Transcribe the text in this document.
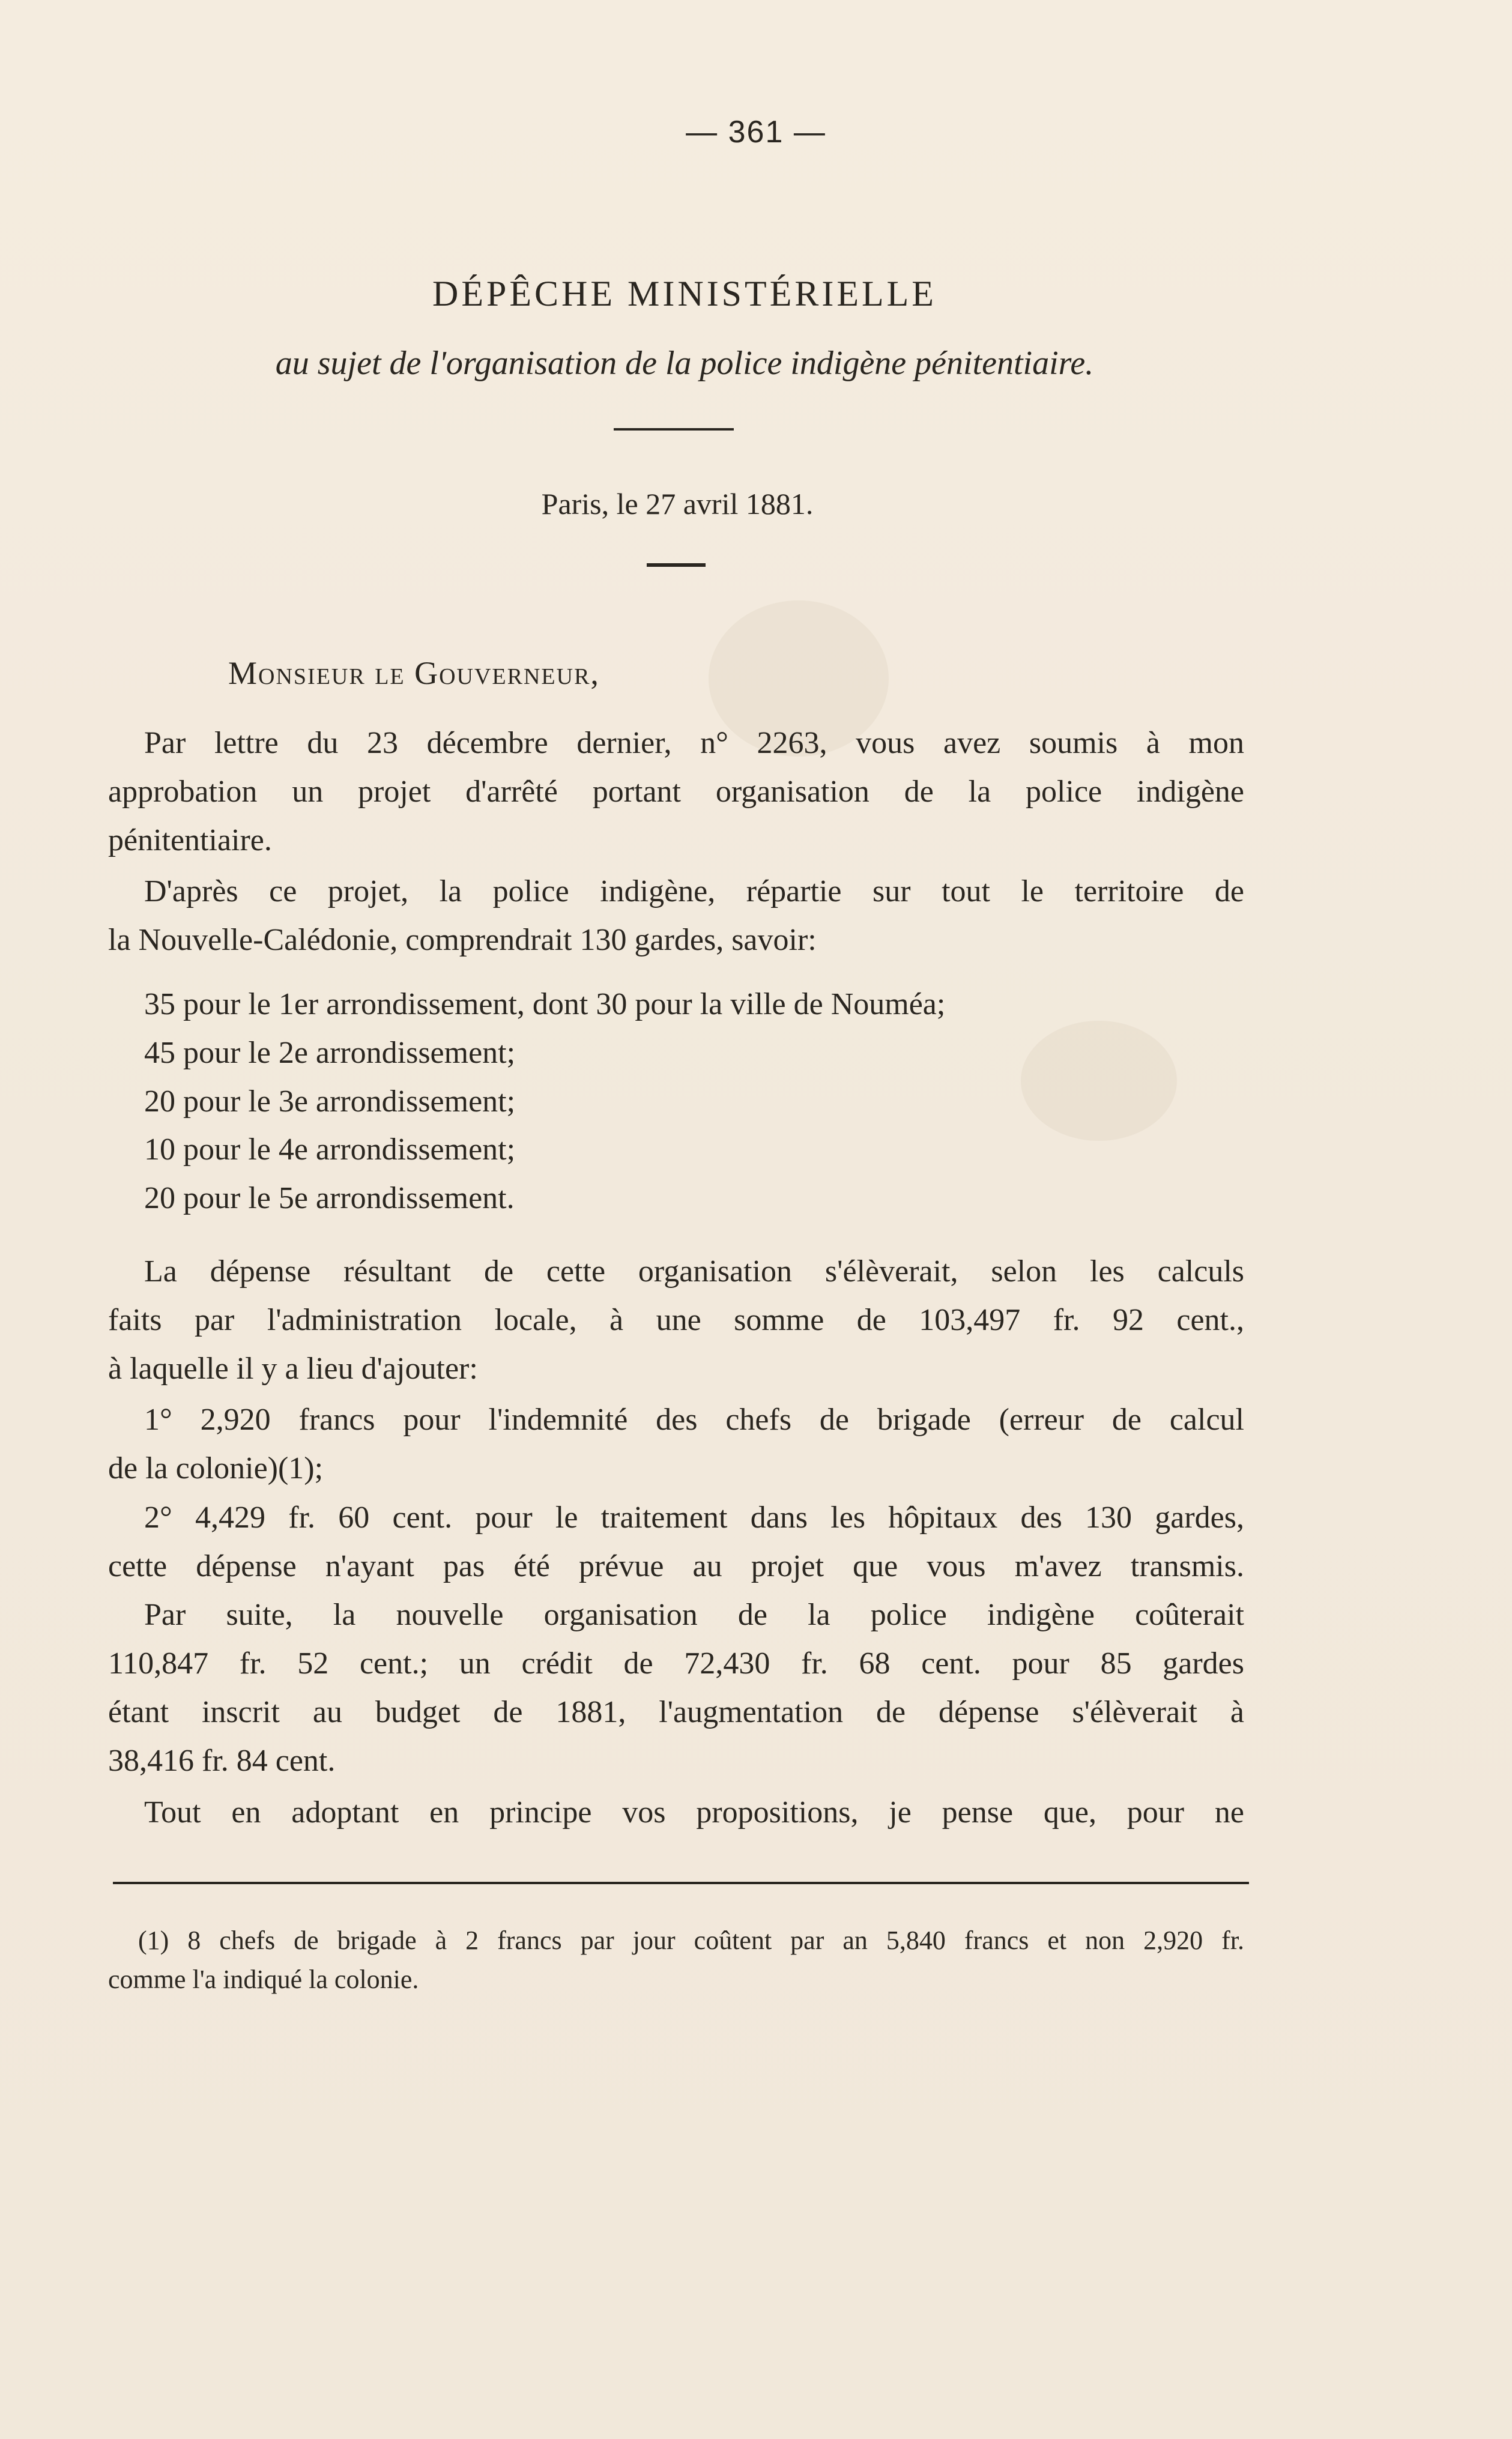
— 361 —
DÉPÊCHE MINISTÉRIELLE
au sujet de l'organisation de la police indigène pénitentiaire.
Paris, le 27 avril 1881.
Monsieur le Gouverneur,
Par lettre du 23 décembre dernier, n° 2263, vous avez soumis à mon
approbation un projet d'arrêté portant organisation de la police indigène
pénitentiaire.
D'après ce projet, la police indigène, répartie sur tout le territoire de
la Nouvelle-Calédonie, comprendrait 130 gardes, savoir:
35 pour le 1er arrondissement, dont 30 pour la ville de Nouméa;
45 pour le 2e arrondissement;
20 pour le 3e arrondissement;
10 pour le 4e arrondissement;
20 pour le 5e arrondissement.
La dépense résultant de cette organisation s'élèverait, selon les calculs
faits par l'administration locale, à une somme de 103,497 fr. 92 cent.,
à laquelle il y a lieu d'ajouter:
1° 2,920 francs pour l'indemnité des chefs de brigade (erreur de calcul
de la colonie)(1);
2° 4,429 fr. 60 cent. pour le traitement dans les hôpitaux des 130 gardes,
cette dépense n'ayant pas été prévue au projet que vous m'avez transmis.
Par suite, la nouvelle organisation de la police indigène coûterait
110,847 fr. 52 cent.; un crédit de 72,430 fr. 68 cent. pour 85 gardes
étant inscrit au budget de 1881, l'augmentation de dépense s'élèverait à
38,416 fr. 84 cent.
Tout en adoptant en principe vos propositions, je pense que, pour ne
(1) 8 chefs de brigade à 2 francs par jour coûtent par an 5,840 francs et non 2,920 fr.
comme l'a indiqué la colonie.
